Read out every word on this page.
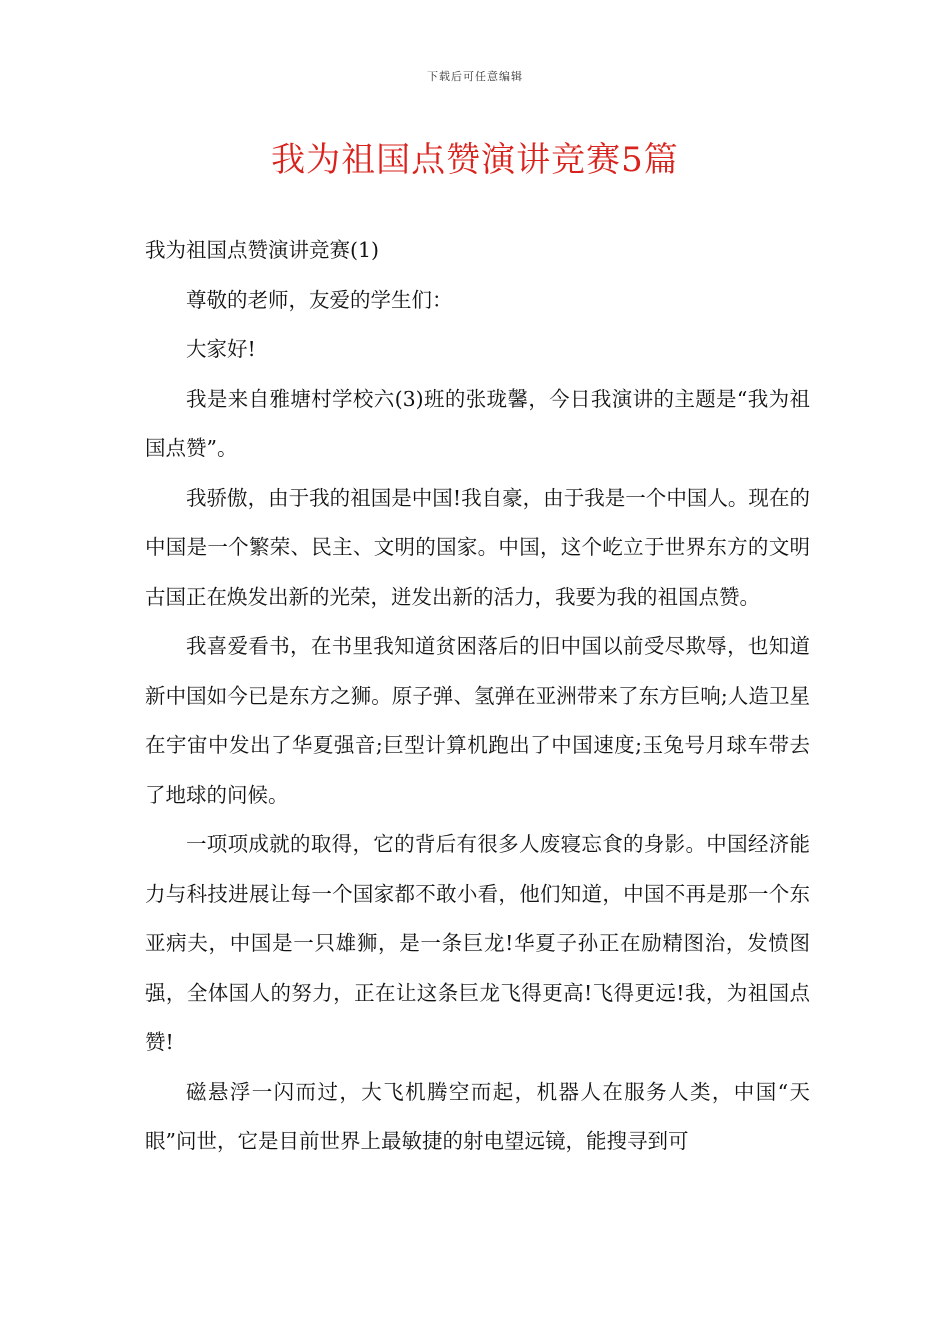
下载后可任意编辑
我为祖国点赞演讲竞赛5篇

我为祖国点赞演讲竞赛(1)

尊敬的老师，友爱的学生们：

大家好!

我是来自雅塘村学校六(3)班的张珑馨，今日我演讲的主题是“我为祖国点赞”。

我骄傲，由于我的祖国是中国!我自豪，由于我是一个中国人。现在的中国是一个繁荣、民主、文明的国家。中国，这个屹立于世界东方的文明古国正在焕发出新的光荣，迸发出新的活力，我要为我的祖国点赞。

我喜爱看书，在书里我知道贫困落后的旧中国以前受尽欺辱，也知道新中国如今已是东方之狮。原子弹、氢弹在亚洲带来了东方巨响;人造卫星在宇宙中发出了华夏强音;巨型计算机跑出了中国速度;玉兔号月球车带去了地球的问候。

一项项成就的取得，它的背后有很多人废寝忘食的身影。中国经济能力与科技进展让每一个国家都不敢小看，他们知道，中国不再是那一个东亚病夫，中国是一只雄狮，是一条巨龙!华夏子孙正在励精图治，发愤图强，全体国人的努力，正在让这条巨龙飞得更高!飞得更远!我，为祖国点赞!

磁悬浮一闪而过，大飞机腾空而起，机器人在服务人类，中国“天眼”问世，它是目前世界上最敏捷的射电望远镜，能搜寻到可
